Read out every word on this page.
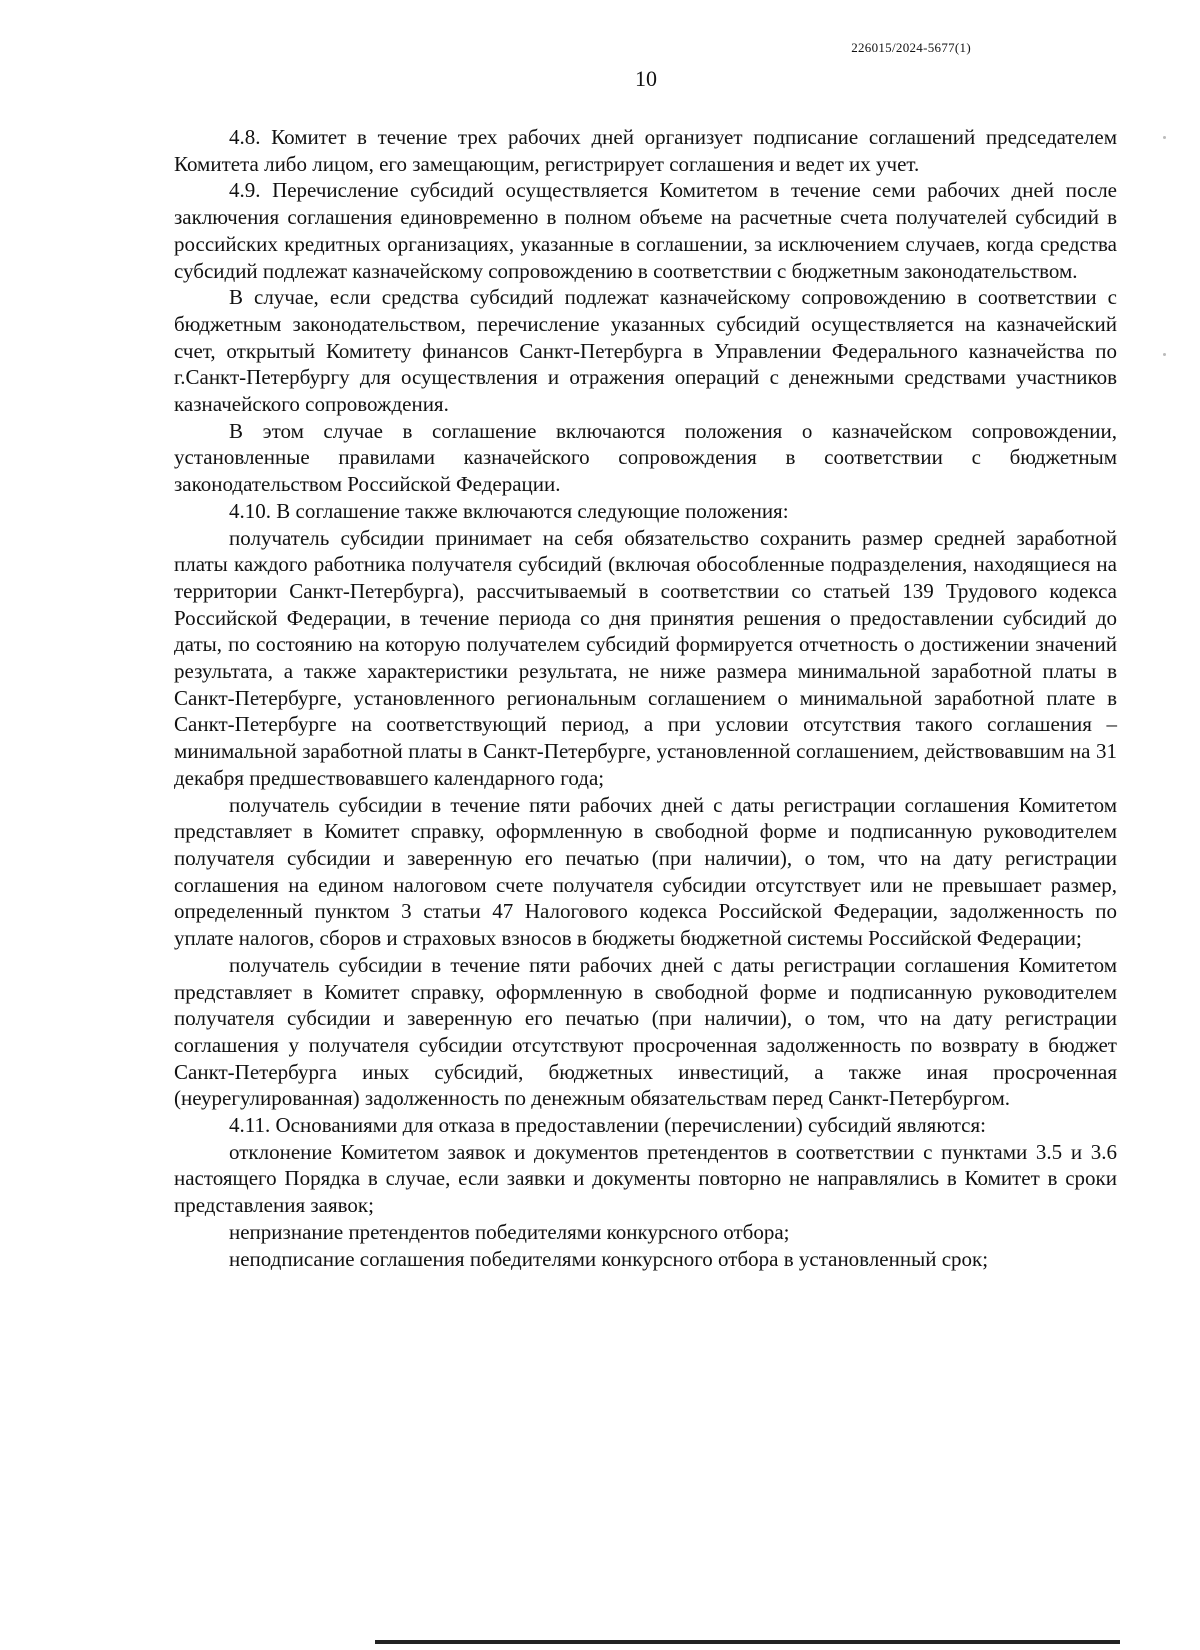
226015/2024-5677(1)
10

4.8. Комитет в течение трех рабочих дней организует подписание соглашений председателем Комитета либо лицом, его замещающим, регистрирует соглашения и ведет их учет.

4.9. Перечисление субсидий осуществляется Комитетом в течение семи рабочих дней после заключения соглашения единовременно в полном объеме на расчетные счета получателей субсидий в российских кредитных организациях, указанные в соглашении, за исключением случаев, когда средства субсидий подлежат казначейскому сопровождению в соответствии с бюджетным законодательством.

В случае, если средства субсидий подлежат казначейскому сопровождению в соответствии с бюджетным законодательством, перечисление указанных субсидий осуществляется на казначейский счет, открытый Комитету финансов Санкт-Петербурга в Управлении Федерального казначейства по г.Санкт-Петербургу для осуществления и отражения операций с денежными средствами участников казначейского сопровождения.

В этом случае в соглашение включаются положения о казначейском сопровождении, установленные правилами казначейского сопровождения в соответствии с бюджетным законодательством Российской Федерации.

4.10. В соглашение также включаются следующие положения:

получатель субсидии принимает на себя обязательство сохранить размер средней заработной платы каждого работника получателя субсидий (включая обособленные подразделения, находящиеся на территории Санкт-Петербурга), рассчитываемый в соответствии со статьей 139 Трудового кодекса Российской Федерации, в течение периода со дня принятия решения о предоставлении субсидий до даты, по состоянию на которую получателем субсидий формируется отчетность о достижении значений результата, а также характеристики результата, не ниже размера минимальной заработной платы в Санкт-Петербурге, установленного региональным соглашением о минимальной заработной плате в Санкт-Петербурге на соответствующий период, а при условии отсутствия такого соглашения – минимальной заработной платы в Санкт-Петербурге, установленной соглашением, действовавшим на 31 декабря предшествовавшего календарного года;

получатель субсидии в течение пяти рабочих дней с даты регистрации соглашения Комитетом представляет в Комитет справку, оформленную в свободной форме и подписанную руководителем получателя субсидии и заверенную его печатью (при наличии), о том, что на дату регистрации соглашения на едином налоговом счете получателя субсидии отсутствует или не превышает размер, определенный пунктом 3 статьи 47 Налогового кодекса Российской Федерации, задолженность по уплате налогов, сборов и страховых взносов в бюджеты бюджетной системы Российской Федерации;

получатель субсидии в течение пяти рабочих дней с даты регистрации соглашения Комитетом представляет в Комитет справку, оформленную в свободной форме и подписанную руководителем получателя субсидии и заверенную его печатью (при наличии), о том, что на дату регистрации соглашения у получателя субсидии отсутствуют просроченная задолженность по возврату в бюджет Санкт-Петербурга иных субсидий, бюджетных инвестиций, а также иная просроченная (неурегулированная) задолженность по денежным обязательствам перед Санкт-Петербургом.

4.11. Основаниями для отказа в предоставлении (перечислении) субсидий являются:

отклонение Комитетом заявок и документов претендентов в соответствии с пунктами 3.5 и 3.6 настоящего Порядка в случае, если заявки и документы повторно не направлялись в Комитет в сроки представления заявок;

непризнание претендентов победителями конкурсного отбора;

неподписание соглашения победителями конкурсного отбора в установленный срок;
